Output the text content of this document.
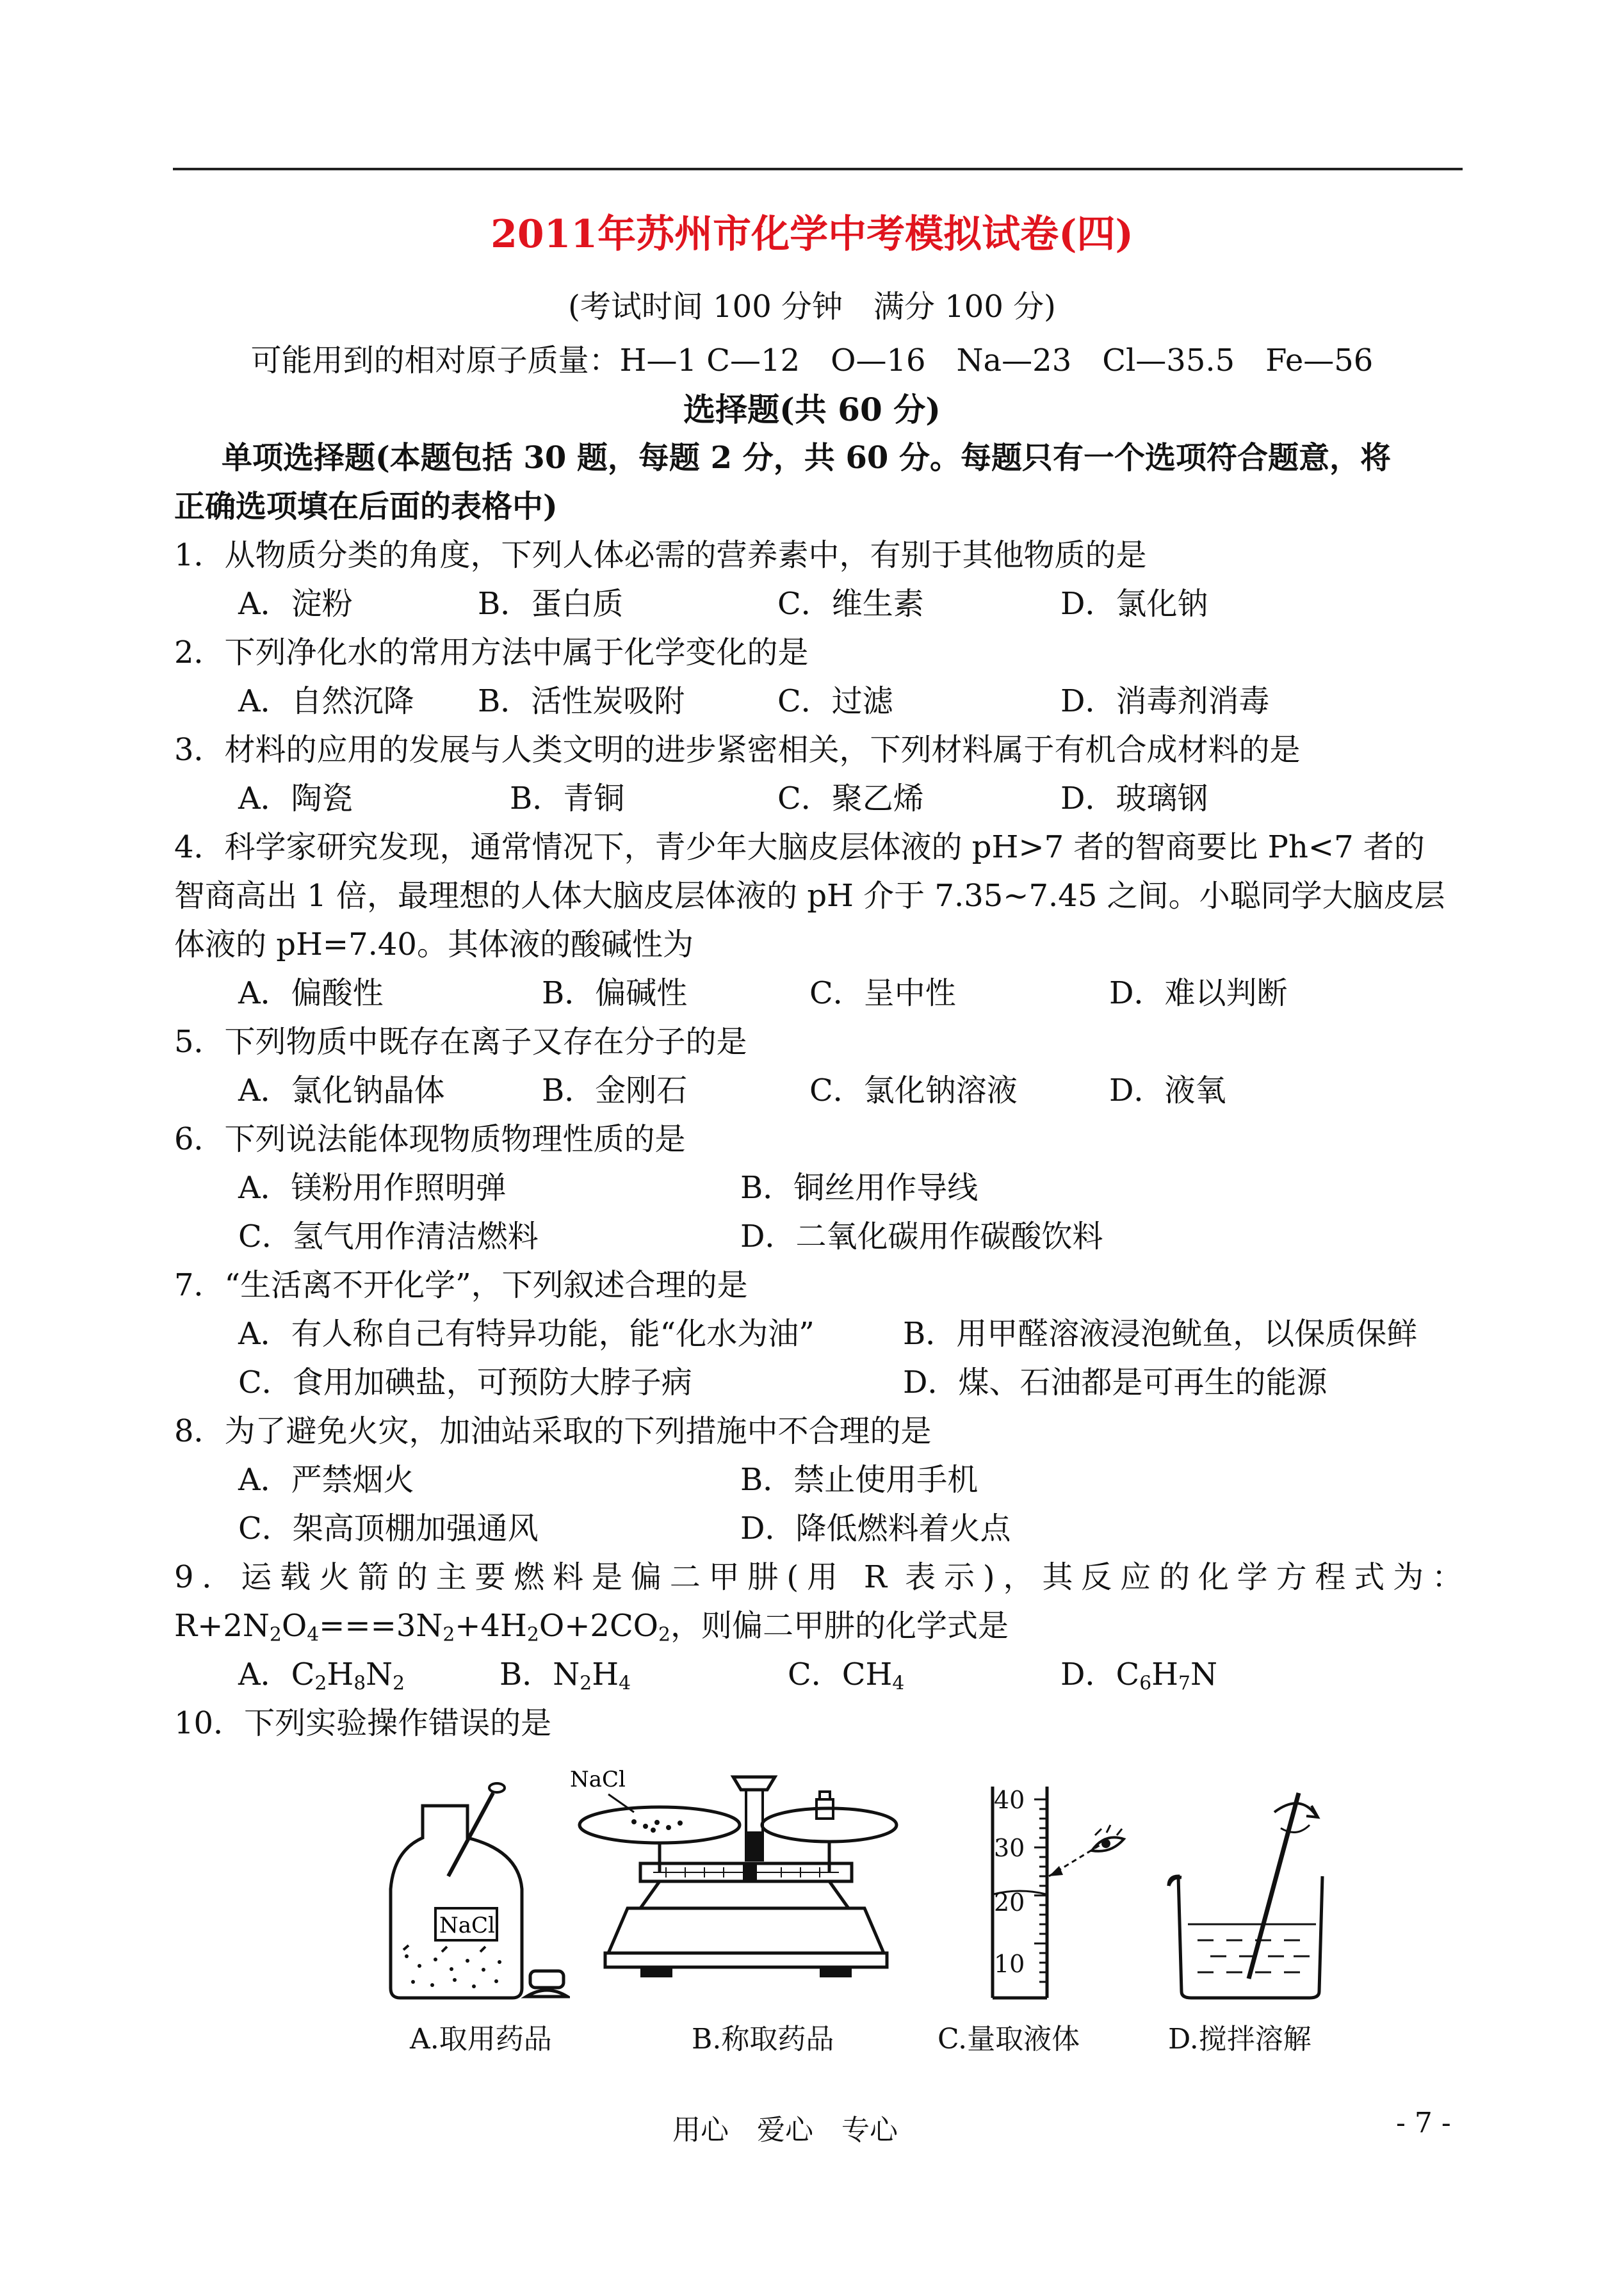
2011年苏州市化学中考模拟试卷(四)
(考试时间 100 分钟　满分 100 分)
可能用到的相对原子质量：H—1 C—12　O—16　Na—23　Cl—35.5　Fe—56
选择题(共 60 分)
单项选择题(本题包括 30 题，每题 2 分，共 60 分。每题只有一个选项符合题意，将
正确选项填在后面的表格中)
1．从物质分类的角度，下列人体必需的营养素中，有别于其他物质的是
A．淀粉	B．蛋白质	C．维生素	D．氯化钠
2．下列净化水的常用方法中属于化学变化的是
A．自然沉降 B．活性炭吸附	C．过滤	D．消毒剂消毒
3．材料的应用的发展与人类文明的进步紧密相关，下列材料属于有机合成材料的是
A．陶瓷	B．青铜	C．聚乙烯	D．玻璃钢
4．科学家研究发现，通常情况下，青少年大脑皮层体液的 pH>7 者的智商要比 Ph<7 者的
智商高出 1 倍，最理想的人体大脑皮层体液的 pH 介于 7.35~7.45 之间。小聪同学大脑皮层
体液的 pH=7.40。其体液的酸碱性为
A．偏酸性	B．偏碱性	C．呈中性	D．难以判断
5．下列物质中既存在离子又存在分子的是
A．氯化钠晶体	B．金刚石	C．氯化钠溶液	D．液氧
6．下列说法能体现物质物理性质的是
A．镁粉用作照明弹	B．铜丝用作导线
C．氢气用作清洁燃料	D．二氧化碳用作碳酸饮料
7．“生活离不开化学”，下列叙述合理的是
A．有人称自己有特异功能，能“化水为油”	B．用甲醛溶液浸泡鱿鱼，以保质保鲜
C．食用加碘盐，可预防大脖子病	D．煤、石油都是可再生的能源
8．为了避免火灾，加油站采取的下列措施中不合理的是
A．严禁烟火	B．禁止使用手机
C．架高顶棚加强通风	D．降低燃料着火点
9．运载火箭的主要燃料是偏二甲肼(用 R 表示)，其反应的化学方程式为：
$R+2N_2O_4===3N_2+4H_2O+2CO_2$，则偏二甲肼的化学式是
A．$C_2H_8N_2$	B．$N_2H_4$	C．$CH_4$	D．$C_6H_7N$
10．下列实验操作错误的是
NaCl
NaCl
40
30
20
10
A.取用药品	B.称取药品	C.量取液体	D.搅拌溶解
用心　爱心　专心	- 7 -
